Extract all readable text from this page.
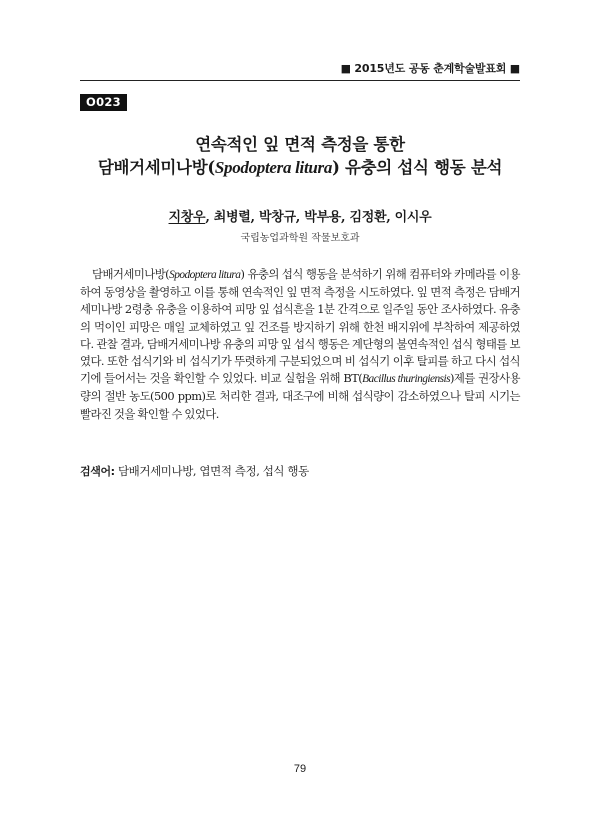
■ 2015년도 공동 춘계학술발표회 ■
O023
연속적인 잎 면적 측정을 통한
담배거세미나방(Spodoptera litura) 유충의 섭식 행동 분석
지창우, 최병렬, 박창규, 박부용, 김정환, 이시우
국립농업과학원 작물보호과

담배거세미나방(Spodoptera litura) 유충의 섭식 행동을 분석하기 위해 컴퓨터와 카메라를 이용하여 동영상을 촬영하고 이를 통해 연속적인 잎 면적 측정을 시도하였다. 잎 면적 측정은 담배거세미나방 2령충 유충을 이용하여 피망 잎 섭식흔을 1분 간격으로 일주일 동안 조사하였다. 유충의 먹이인 피망은 매일 교체하였고 잎 건조를 방지하기 위해 한천 배지위에 부착하여 제공하였다. 관찰 결과, 담배거세미나방 유충의 피망 잎 섭식 행동은 계단형의 불연속적인 섭식 형태를 보였다. 또한 섭식기와 비 섭식기가 뚜렷하게 구분되었으며 비 섭식기 이후 탈피를 하고 다시 섭식기에 들어서는 것을 확인할 수 있었다. 비교 실험을 위해 BT(Bacillus thuringiensis)제를 권장사용량의 절반 농도(500 ppm)로 처리한 결과, 대조구에 비해 섭식량이 감소하였으나 탈피 시기는 빨라진 것을 확인할 수 있었다.

검색어: 담배거세미나방, 엽면적 측정, 섭식 행동
79
